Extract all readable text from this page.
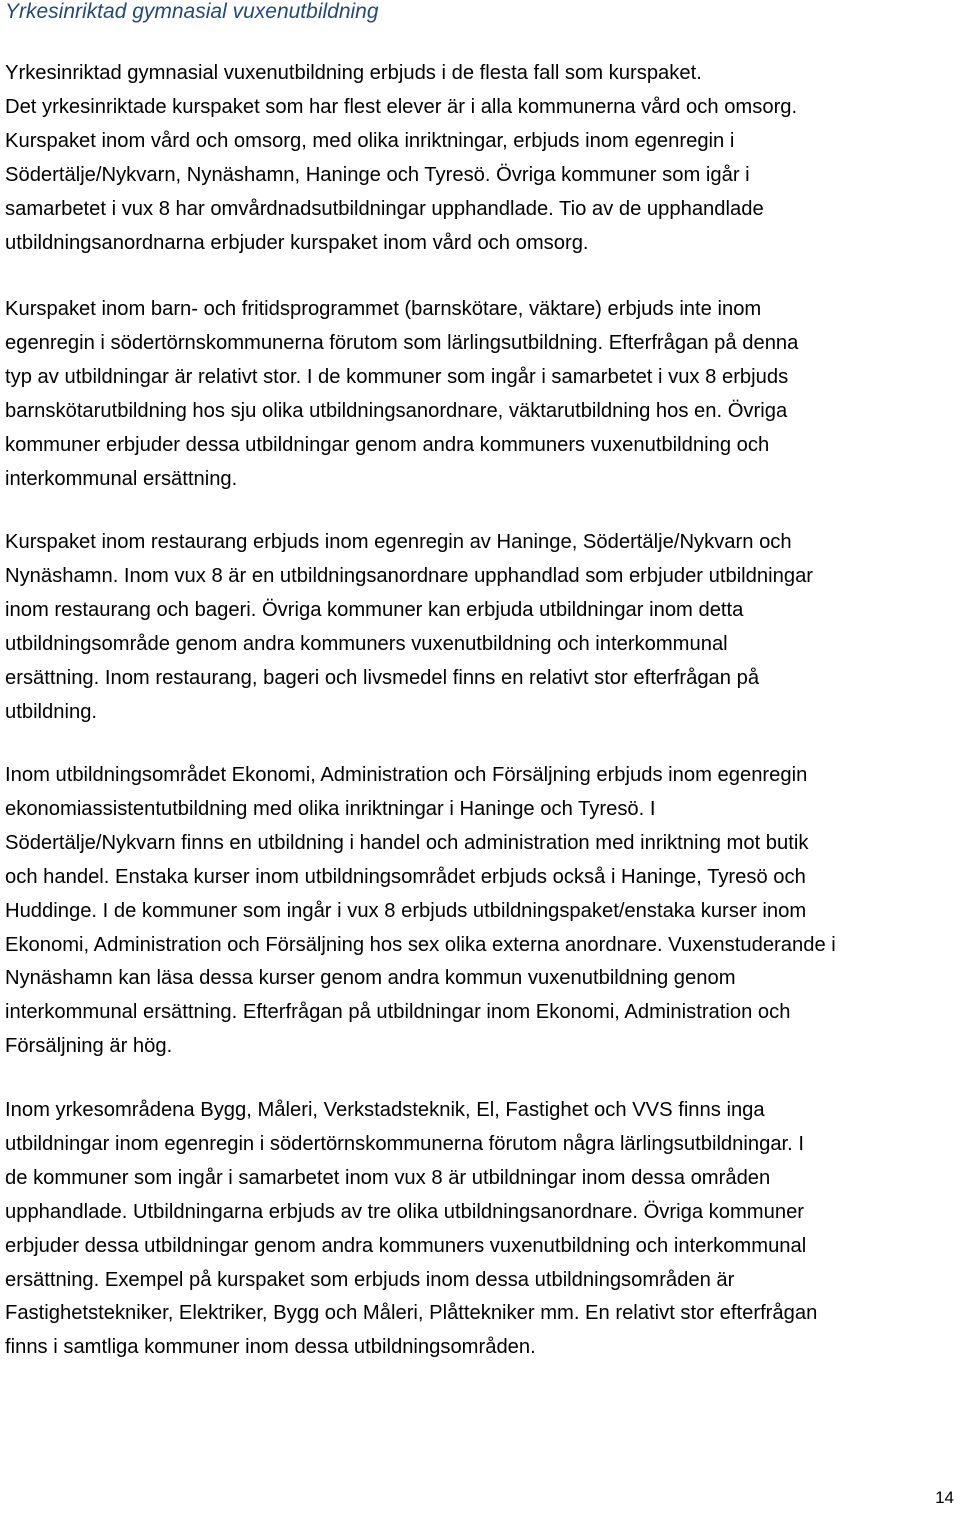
Yrkesinriktad gymnasial vuxenutbildning

Yrkesinriktad gymnasial vuxenutbildning erbjuds i de flesta fall som kurspaket.
Det yrkesinriktade kurspaket som har flest elever är i alla kommunerna vård och omsorg.
Kurspaket inom vård och omsorg, med olika inriktningar, erbjuds inom egenregin i
Södertälje/Nykvarn, Nynäshamn, Haninge och Tyresö. Övriga kommuner som igår i
samarbetet i vux 8 har omvårdnadsutbildningar upphandlade. Tio av de upphandlade
utbildningsanordnarna erbjuder kurspaket inom vård och omsorg.

Kurspaket inom barn- och fritidsprogrammet (barnskötare, väktare) erbjuds inte inom
egenregin i södertörnskommunerna förutom som lärlingsutbildning. Efterfrågan på denna
typ av utbildningar är relativt stor. I de kommuner som ingår i samarbetet i vux 8 erbjuds
barnskötarutbildning hos sju olika utbildningsanordnare, väktarutbildning hos en. Övriga
kommuner erbjuder dessa utbildningar genom andra kommuners vuxenutbildning och
interkommunal ersättning.

Kurspaket inom restaurang erbjuds inom egenregin av Haninge, Södertälje/Nykvarn och
Nynäshamn. Inom vux 8 är en utbildningsanordnare upphandlad som erbjuder utbildningar
inom restaurang och bageri. Övriga kommuner kan erbjuda utbildningar inom detta
utbildningsområde genom andra kommuners vuxenutbildning och interkommunal
ersättning. Inom restaurang, bageri och livsmedel finns en relativt stor efterfrågan på
utbildning.

Inom utbildningsområdet Ekonomi, Administration och Försäljning erbjuds inom egenregin
ekonomiassistentutbildning med olika inriktningar i Haninge och Tyresö. I
Södertälje/Nykvarn finns en utbildning i handel och administration med inriktning mot butik
och handel. Enstaka kurser inom utbildningsområdet erbjuds också i Haninge, Tyresö och
Huddinge. I de kommuner som ingår i vux 8 erbjuds utbildningspaket/enstaka kurser inom
Ekonomi, Administration och Försäljning hos sex olika externa anordnare. Vuxenstuderande i
Nynäshamn kan läsa dessa kurser genom andra kommun vuxenutbildning genom
interkommunal ersättning. Efterfrågan på utbildningar inom Ekonomi, Administration och
Försäljning är hög.

Inom yrkesområdena Bygg, Måleri, Verkstadsteknik, El, Fastighet och VVS finns inga
utbildningar inom egenregin i södertörnskommunerna förutom några lärlingsutbildningar. I
de kommuner som ingår i samarbetet inom vux 8 är utbildningar inom dessa områden
upphandlade. Utbildningarna erbjuds av tre olika utbildningsanordnare. Övriga kommuner
erbjuder dessa utbildningar genom andra kommuners vuxenutbildning och interkommunal
ersättning. Exempel på kurspaket som erbjuds inom dessa utbildningsområden är
Fastighetstekniker, Elektriker, Bygg och Måleri, Plåttekniker mm. En relativt stor efterfrågan
finns i samtliga kommuner inom dessa utbildningsområden.

14
